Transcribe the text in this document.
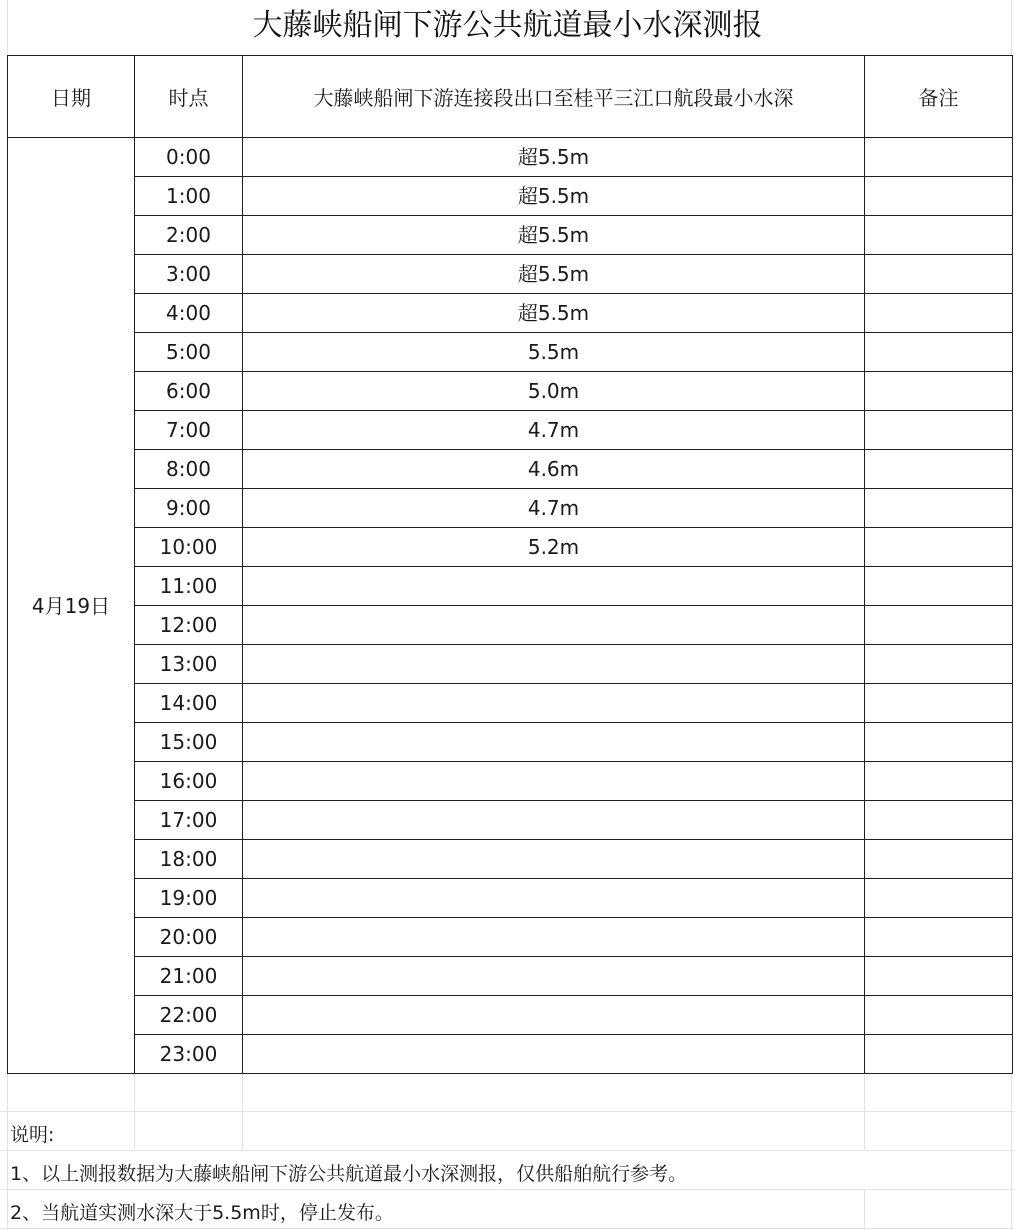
大藤峡船闸下游公共航道最小水深测报
日期	时点	大藤峡船闸下游连接段出口至桂平三江口航段最小水深	备注
4月19日	0:00	超5.5m	
	1:00	超5.5m	
	2:00	超5.5m	
	3:00	超5.5m	
	4:00	超5.5m	
	5:00	5.5m	
	6:00	5.0m	
	7:00	4.7m	
	8:00	4.6m	
	9:00	4.7m	
	10:00	5.2m	
	11:00		
	12:00		
	13:00		
	14:00		
	15:00		
	16:00		
	17:00		
	18:00		
	19:00		
	20:00		
	21:00		
	22:00		
	23:00		
说明:
1、以上测报数据为大藤峡船闸下游公共航道最小水深测报，仅供船舶航行参考。
2、当航道实测水深大于5.5m时，停止发布。
